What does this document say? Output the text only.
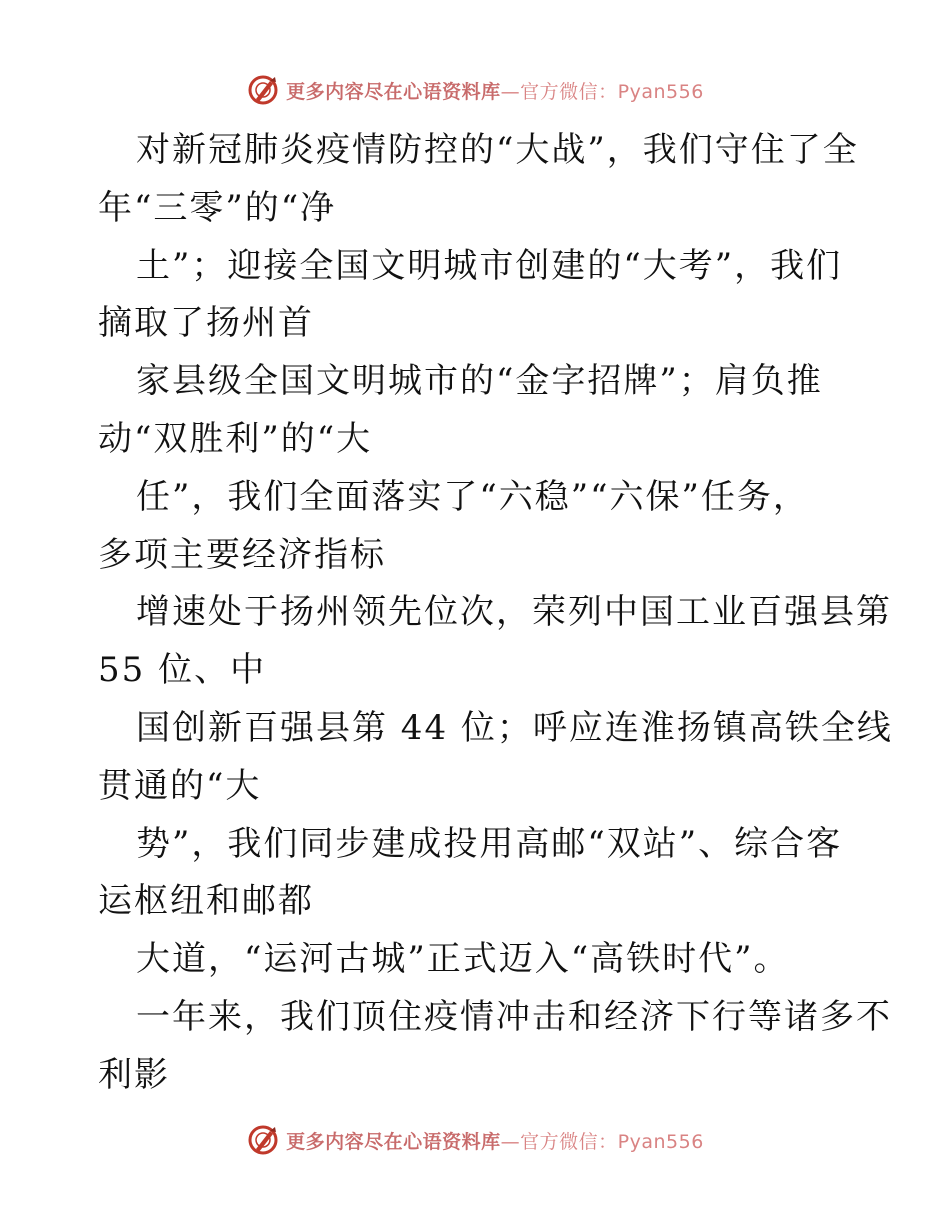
更多内容尽在心语资料库—官方微信：Pyan556
对新冠肺炎疫情防控的“大战”，我们守住了全
年“三零”的“净
土”；迎接全国文明城市创建的“大考”，我们
摘取了扬州首
家县级全国文明城市的“金字招牌”；肩负推
动“双胜利”的“大
任”，我们全面落实了“六稳”“六保”任务，
多项主要经济指标
增速处于扬州领先位次，荣列中国工业百强县第
55 位、中
国创新百强县第 44 位；呼应连淮扬镇高铁全线
贯通的“大
势”，我们同步建成投用高邮“双站”、综合客
运枢纽和邮都
大道，“运河古城”正式迈入“高铁时代”。
一年来，我们顶住疫情冲击和经济下行等诸多不
利影
更多内容尽在心语资料库—官方微信：Pyan556
